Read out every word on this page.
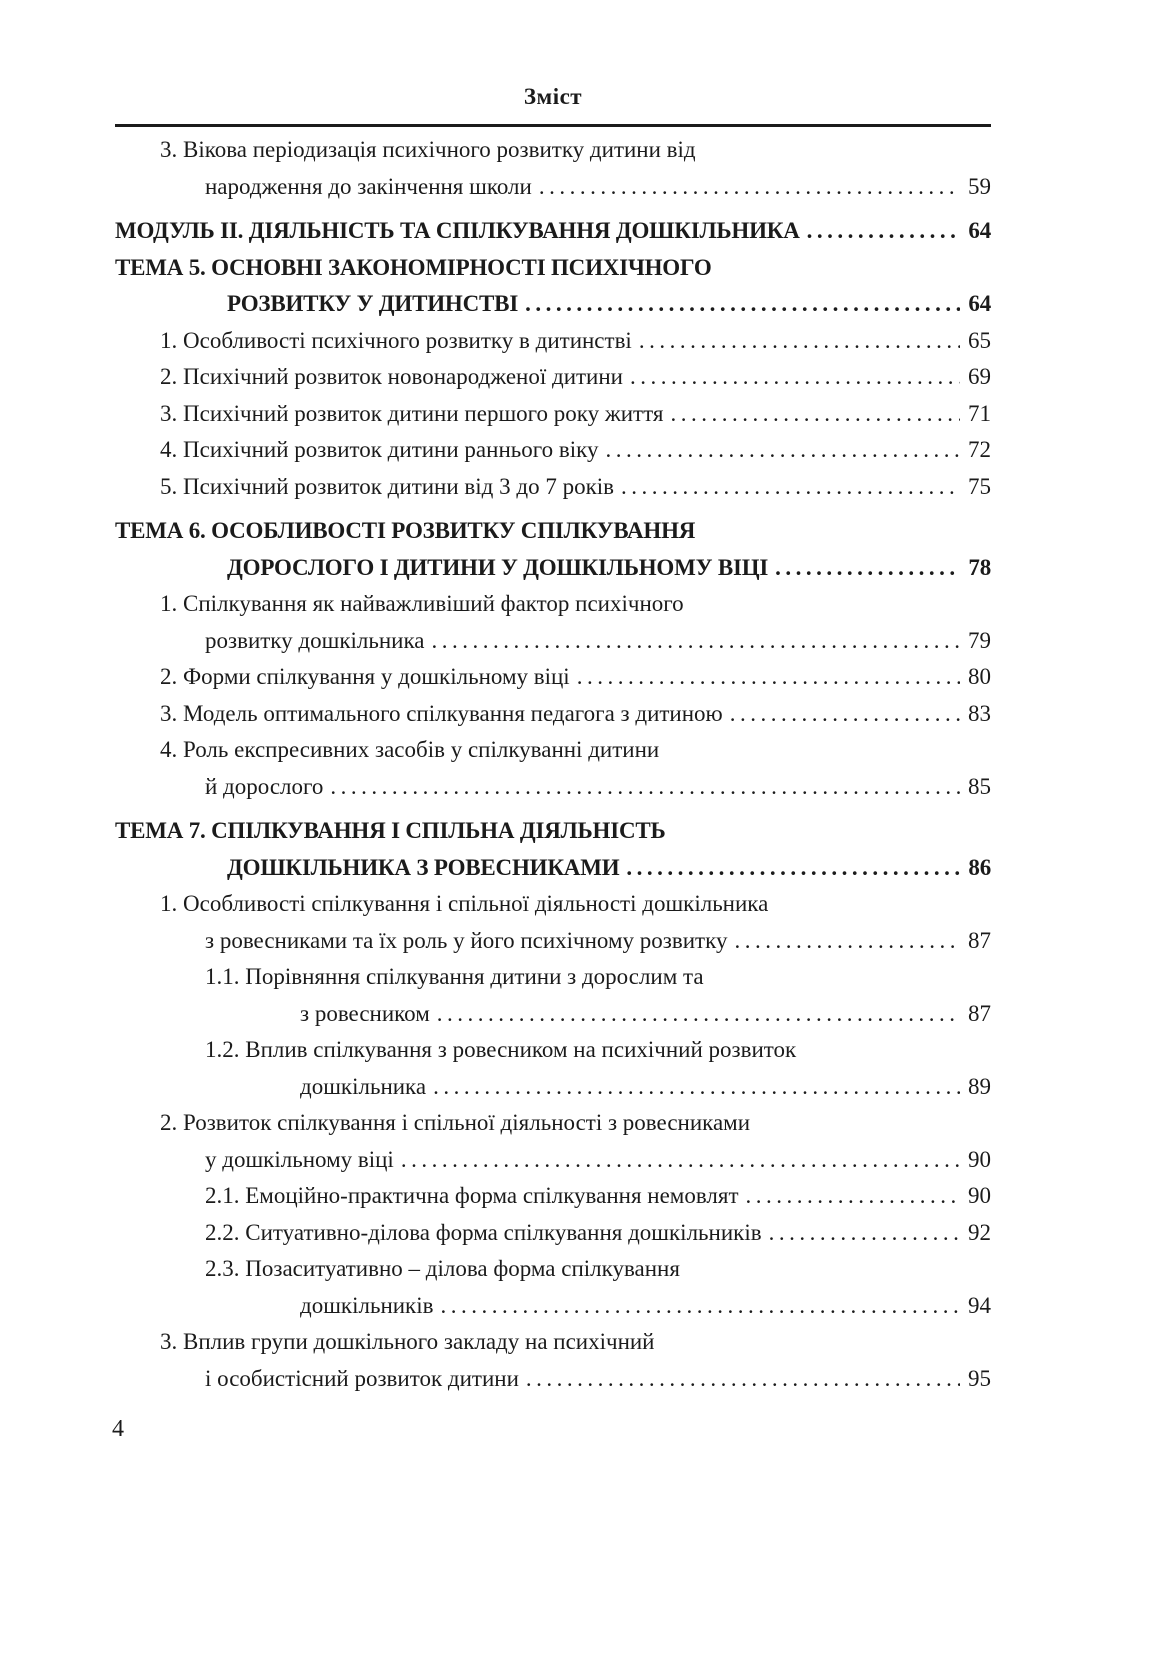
Зміст
3. Вікова періодизація психічного розвитку дитини від
народження до закінчення школи .....	59
МОДУЛЬ ІІ. ДІЯЛЬНІСТЬ ТА СПІЛКУВАННЯ ДОШКІЛЬНИКА .....	64
ТЕМА 5. ОСНОВНІ ЗАКОНОМІРНОСТІ ПСИХІЧНОГО
РОЗВИТКУ У ДИТИНСТВІ .....	64
1. Особливості психічного розвитку в дитинстві .....	65
2. Психічний розвиток новонародженої дитини .....	69
3. Психічний розвиток дитини першого року життя .....	71
4. Психічний розвиток дитини раннього віку .....	72
5. Психічний розвиток дитини від 3 до 7 років .....	75
ТЕМА 6. ОСОБЛИВОСТІ РОЗВИТКУ СПІЛКУВАННЯ
ДОРОСЛОГО І ДИТИНИ У ДОШКІЛЬНОМУ ВІЦІ .....	78
1. Спілкування як найважливіший фактор психічного
розвитку дошкільника .....	79
2. Форми спілкування у дошкільному віці .....	80
3. Модель оптимального спілкування педагога з дитиною .....	83
4. Роль експресивних засобів у спілкуванні дитини
й дорослого .....	85
ТЕМА 7. СПІЛКУВАННЯ І СПІЛЬНА ДІЯЛЬНІСТЬ
ДОШКІЛЬНИКА З РОВЕСНИКАМИ .....	86
1. Особливості спілкування і спільної діяльності дошкільника
з ровесниками та їх роль у його психічному розвитку .....	87
1.1. Порівняння спілкування дитини з дорослим та
з ровесником .....	87
1.2. Вплив спілкування з ровесником на психічний розвиток
дошкільника .....	89
2. Розвиток спілкування і спільної діяльності з ровесниками
у дошкільному віці .....	90
2.1. Емоційно-практична форма спілкування немовлят .....	90
2.2. Ситуативно-ділова форма спілкування дошкільників .....	92
2.3. Позаситуативно – ділова форма спілкування
дошкільників .....	94
3. Вплив групи дошкільного закладу на психічний
і особистісний розвиток дитини .....	95
4
